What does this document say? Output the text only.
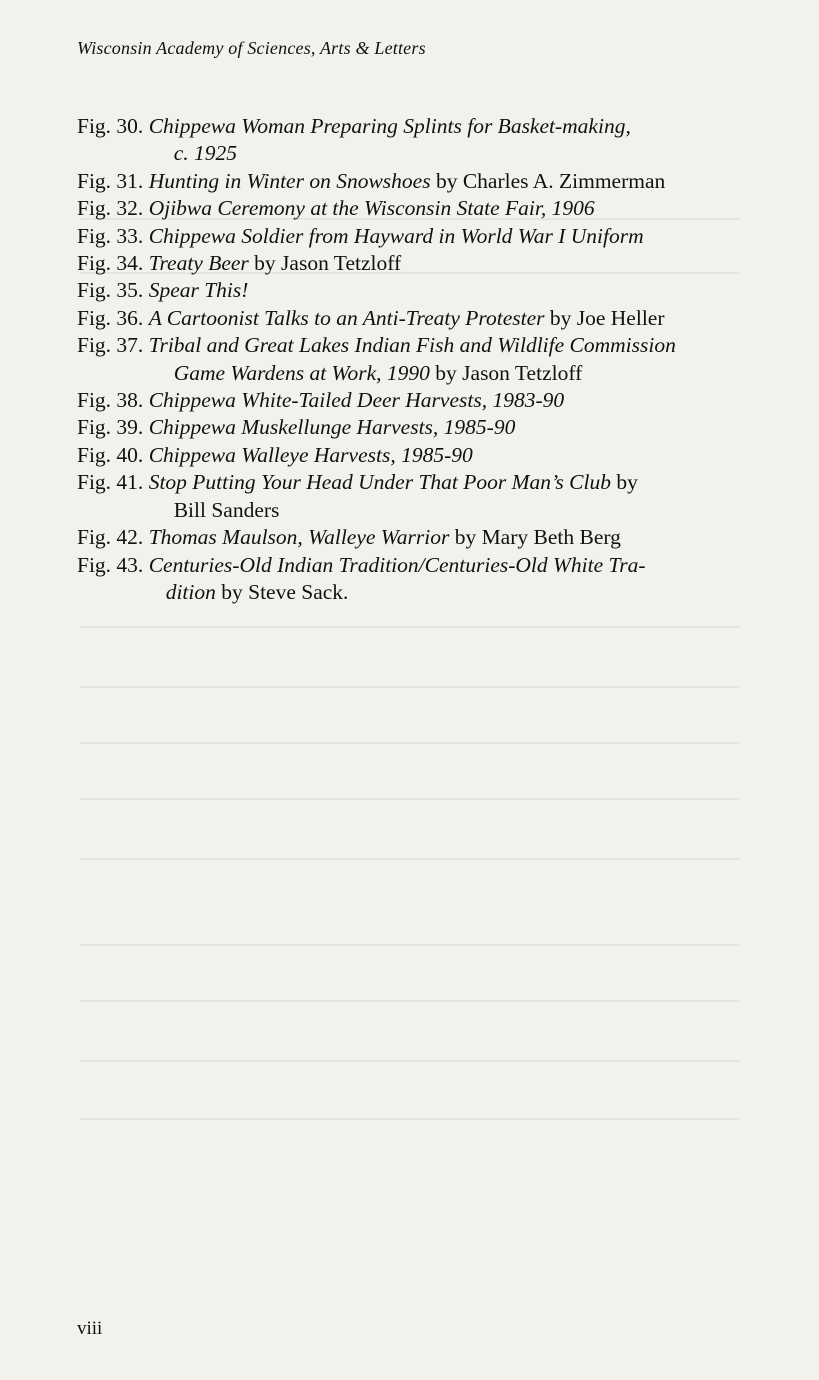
Wisconsin Academy of Sciences, Arts & Letters
Fig. 30.
Chippewa Woman Preparing Splints for Basket-making,
c. 1925
Fig. 31.
Hunting in Winter on Snowshoes by Charles A. Zimmerman
Fig. 32.
Ojibwa Ceremony at the Wisconsin State Fair, 1906
Fig. 33.
Chippewa Soldier from Hayward in World War I Uniform
Fig. 34.
Treaty Beer by Jason Tetzloff
Fig. 35.
Spear This!
Fig. 36.
A Cartoonist Talks to an Anti-Treaty Protester by Joe Heller
Fig. 37.
Tribal and Great Lakes Indian Fish and Wildlife Commission
Game Wardens at Work, 1990 by Jason Tetzloff
Fig. 38.
Chippewa White-Tailed Deer Harvests, 1983-90
Fig. 39.
Chippewa Muskellunge Harvests, 1985-90
Fig. 40.
Chippewa Walleye Harvests, 1985-90
Fig. 41.
Stop Putting Your Head Under That Poor Man’s Club by
Bill Sanders
Fig. 42.
Thomas Maulson, Walleye Warrior by Mary Beth Berg
Fig. 43.
Centuries-Old Indian Tradition/Centuries-Old White Tra-
dition by Steve Sack.
viii
